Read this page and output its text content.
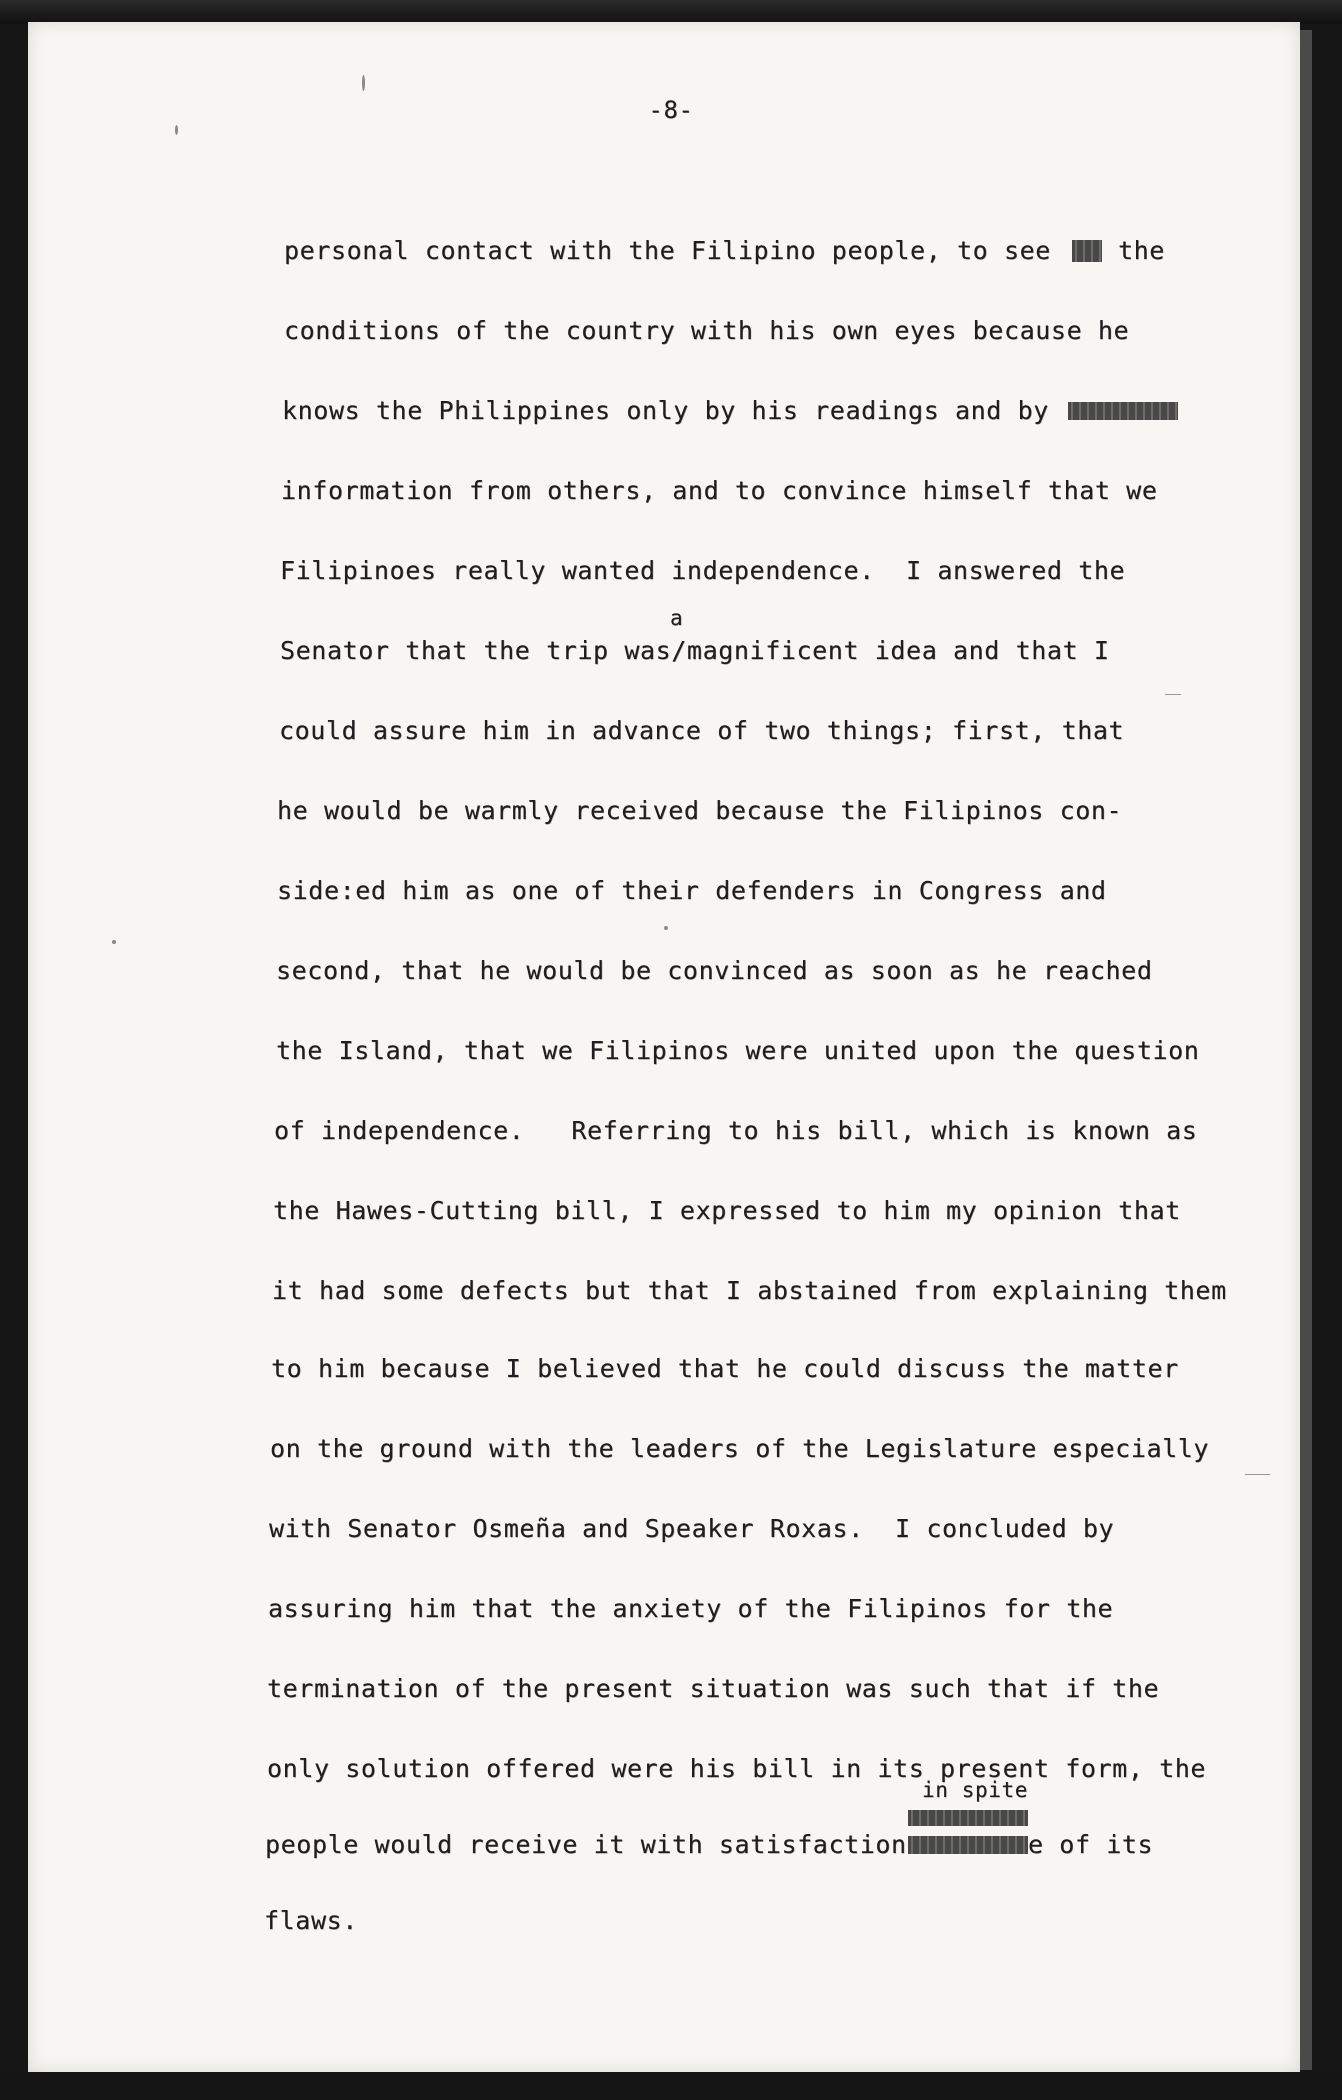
-8-
personal contact with the Filipino people, to see	the
conditions of the country with his own eyes because he
knows the Philippines only by his readings and by
information from others, and to convince himself that we
Filipinoes really wanted independence.  I answered the
a
Senator that the trip was/magnificent idea and that I
could assure him in advance of two things; first, that
he would be warmly received because the Filipinos con-
side:ed him as one of their defenders in Congress and
second, that he would be convinced as soon as he reached
the Island, that we Filipinos were united upon the question
of independence.   Referring to his bill, which is known as
the Hawes-Cutting bill, I expressed to him my opinion that
it had some defects but that I abstained from explaining them
to him because I believed that he could discuss the matter
on the ground with the leaders of the Legislature especially
with Senator Osmeña and Speaker Roxas.  I concluded by
assuring him that the anxiety of the Filipinos for the
termination of the present situation was such that if the
only solution offered were his bill in its present form, the
in spite
people would receive it with satisfaction	e of its
flaws.
